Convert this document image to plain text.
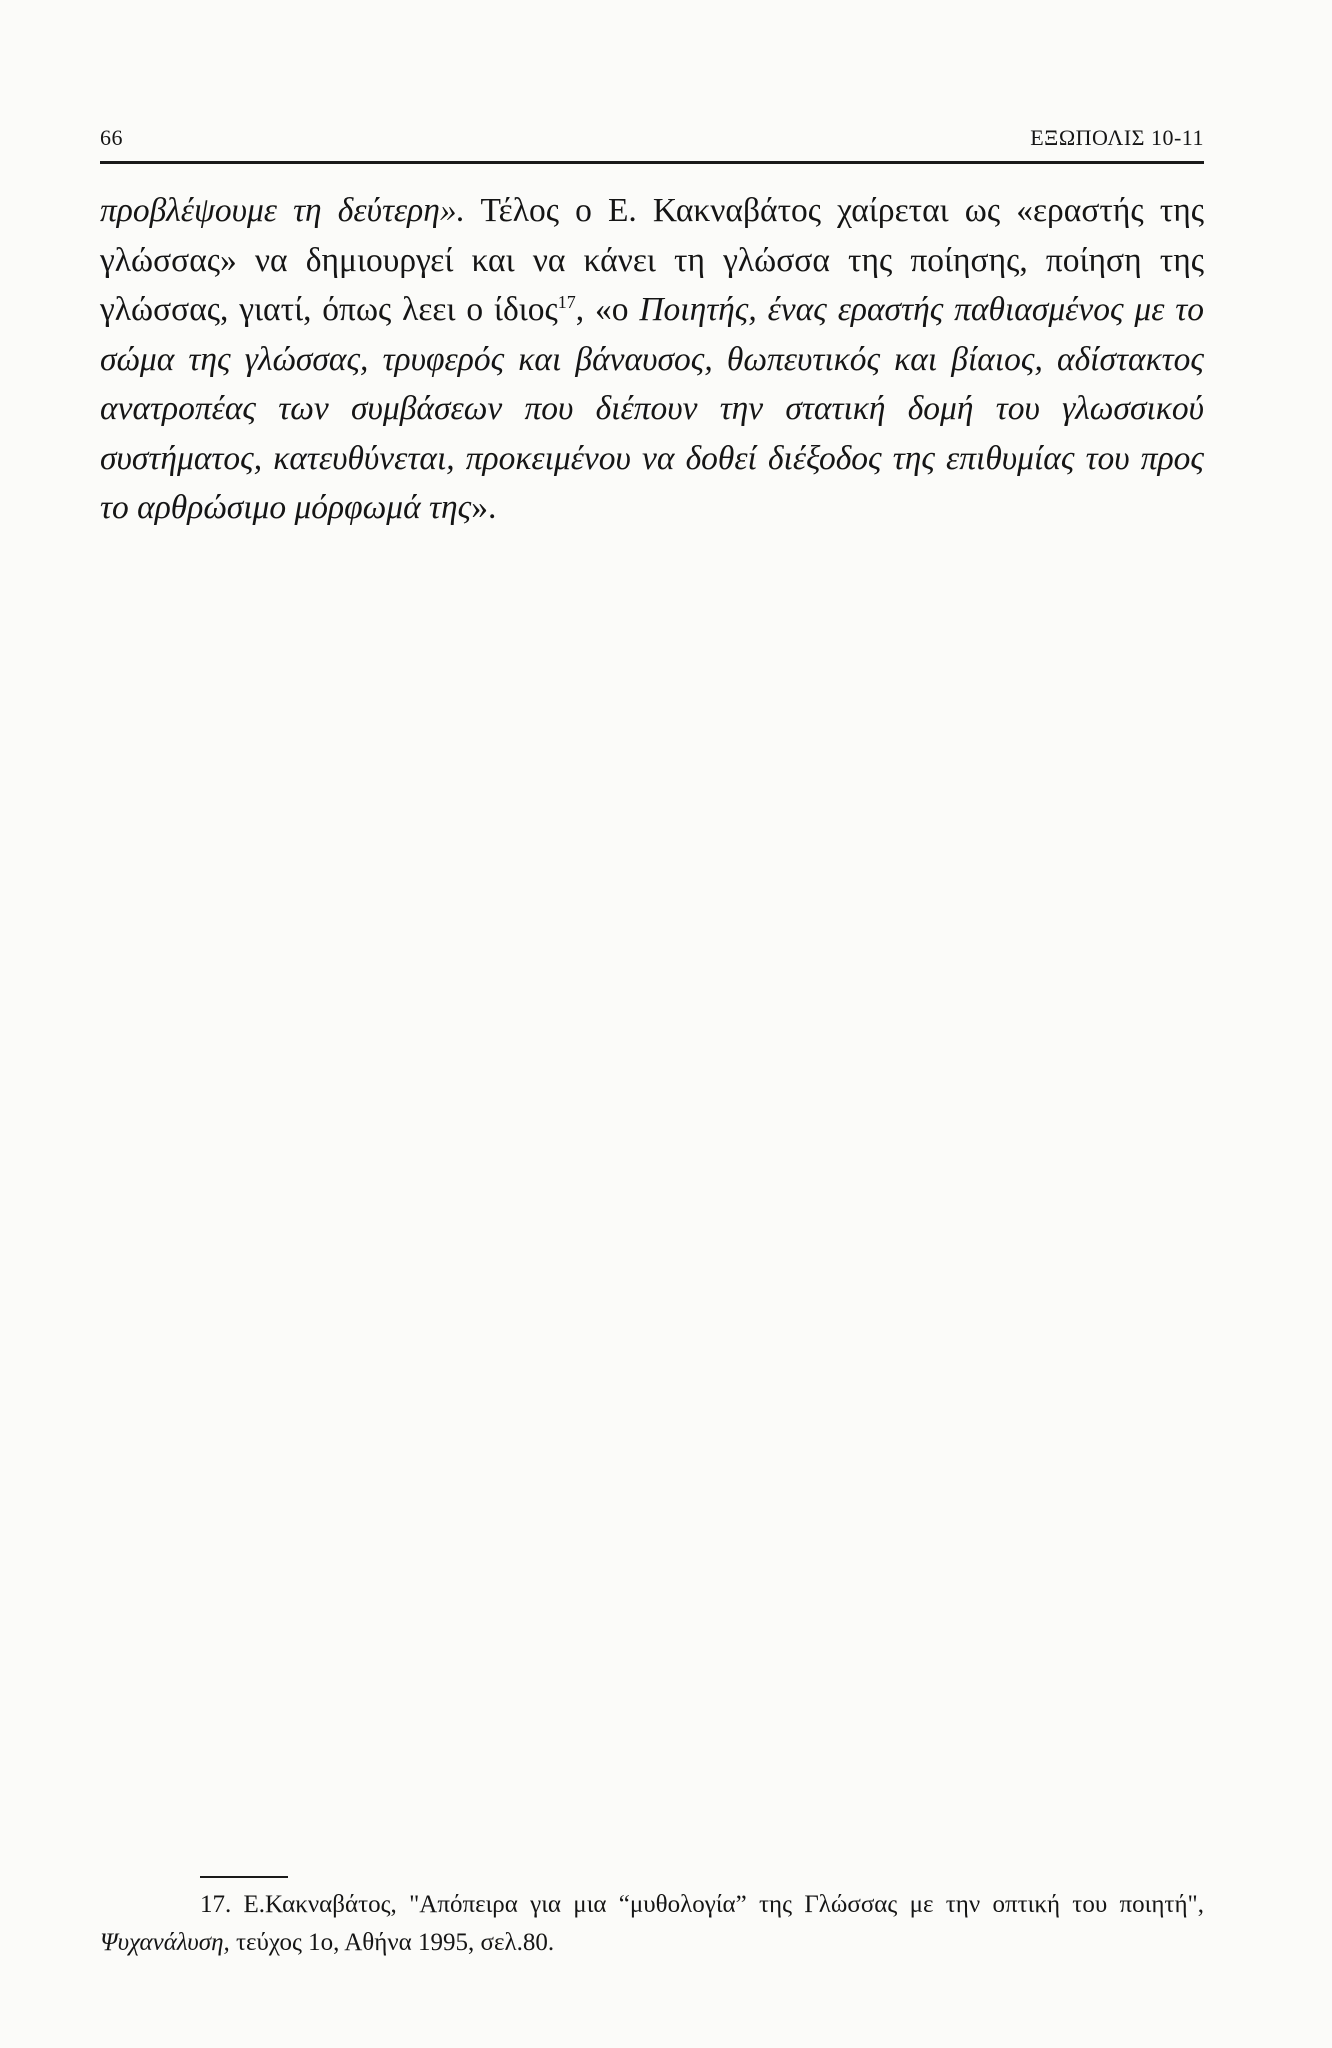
66	ΕΞΩΠΟΛΙΣ 10-11

προβλέψουμε τη δεύτερη». Τέλος ο Ε. Κακναβάτος χαίρεται ως «εραστής της γλώσσας» να δημιουργεί και να κάνει τη γλώσσα της ποίησης, ποίηση της γλώσσας, γιατί, όπως λεει ο ίδιος$^{17}$, «ο Ποιητής, ένας εραστής παθιασμένος με το σώμα της γλώσσας, τρυφερός και βάναυσος, θωπευτικός και βίαιος, αδίστακτος ανατροπέας των συμβάσεων που διέπουν την στατική δομή του γλωσσικού συστήματος, κατευθύνεται, προκειμένου να δοθεί διέξοδος της επιθυμίας του προς το αρθρώσιμο μόρφωμά της».

17. Ε.Κακναβάτος, "Απόπειρα για μια “μυθολογία” της Γλώσσας με την οπτική του ποιητή", Ψυχανάλυση, τεύχος 1ο, Αθήνα 1995, σελ.80.
